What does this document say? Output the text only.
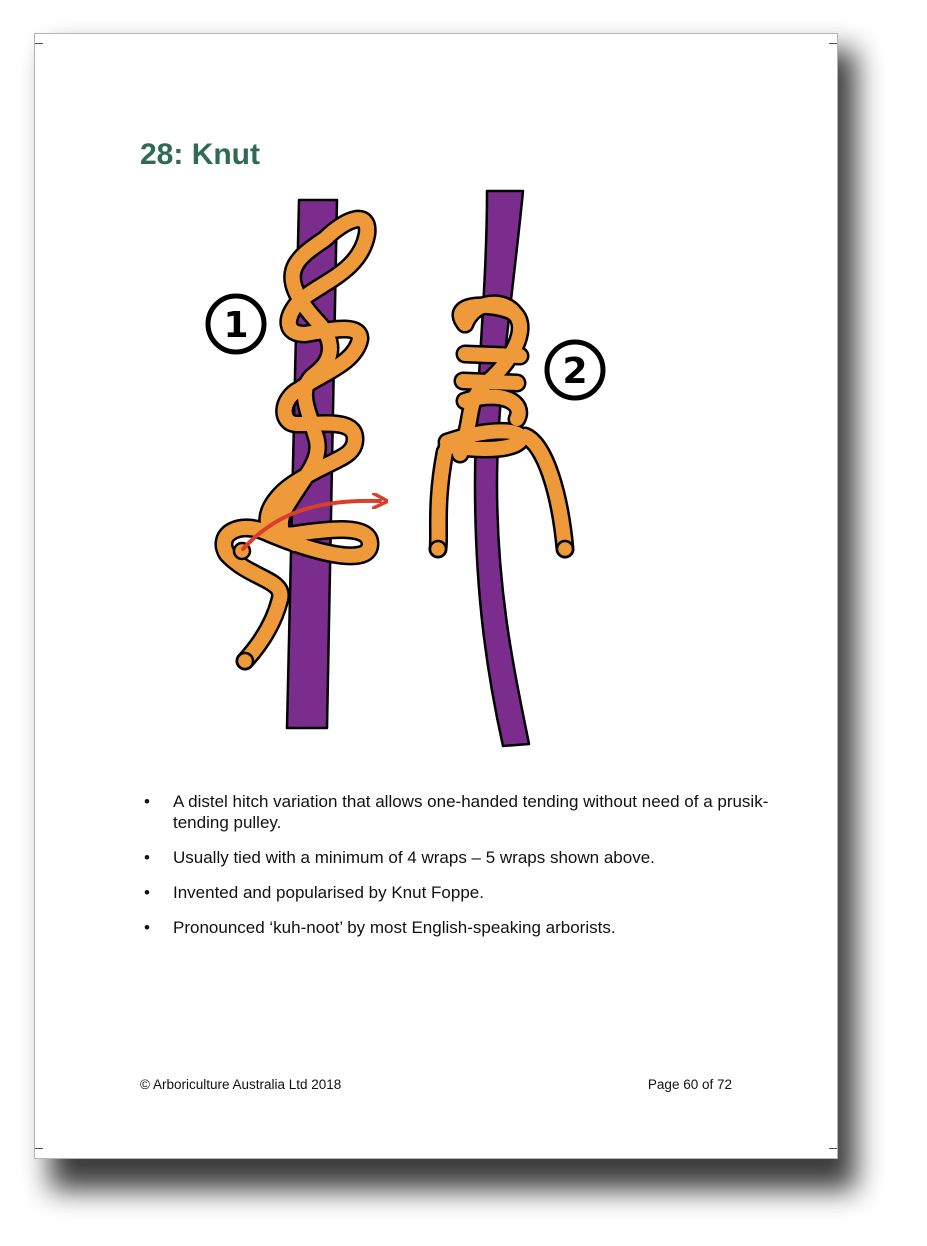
28: Knut
1
2
•	A distel hitch variation that allows one-handed tending without need of a prusik-tending pulley.
•	Usually tied with a minimum of 4 wraps – 5 wraps shown above.
•	Invented and popularised by Knut Foppe.
•	Pronounced ‘kuh-noot’ by most English-speaking arborists.

© Arboriculture Australia Ltd 2018	Page 60 of 72
